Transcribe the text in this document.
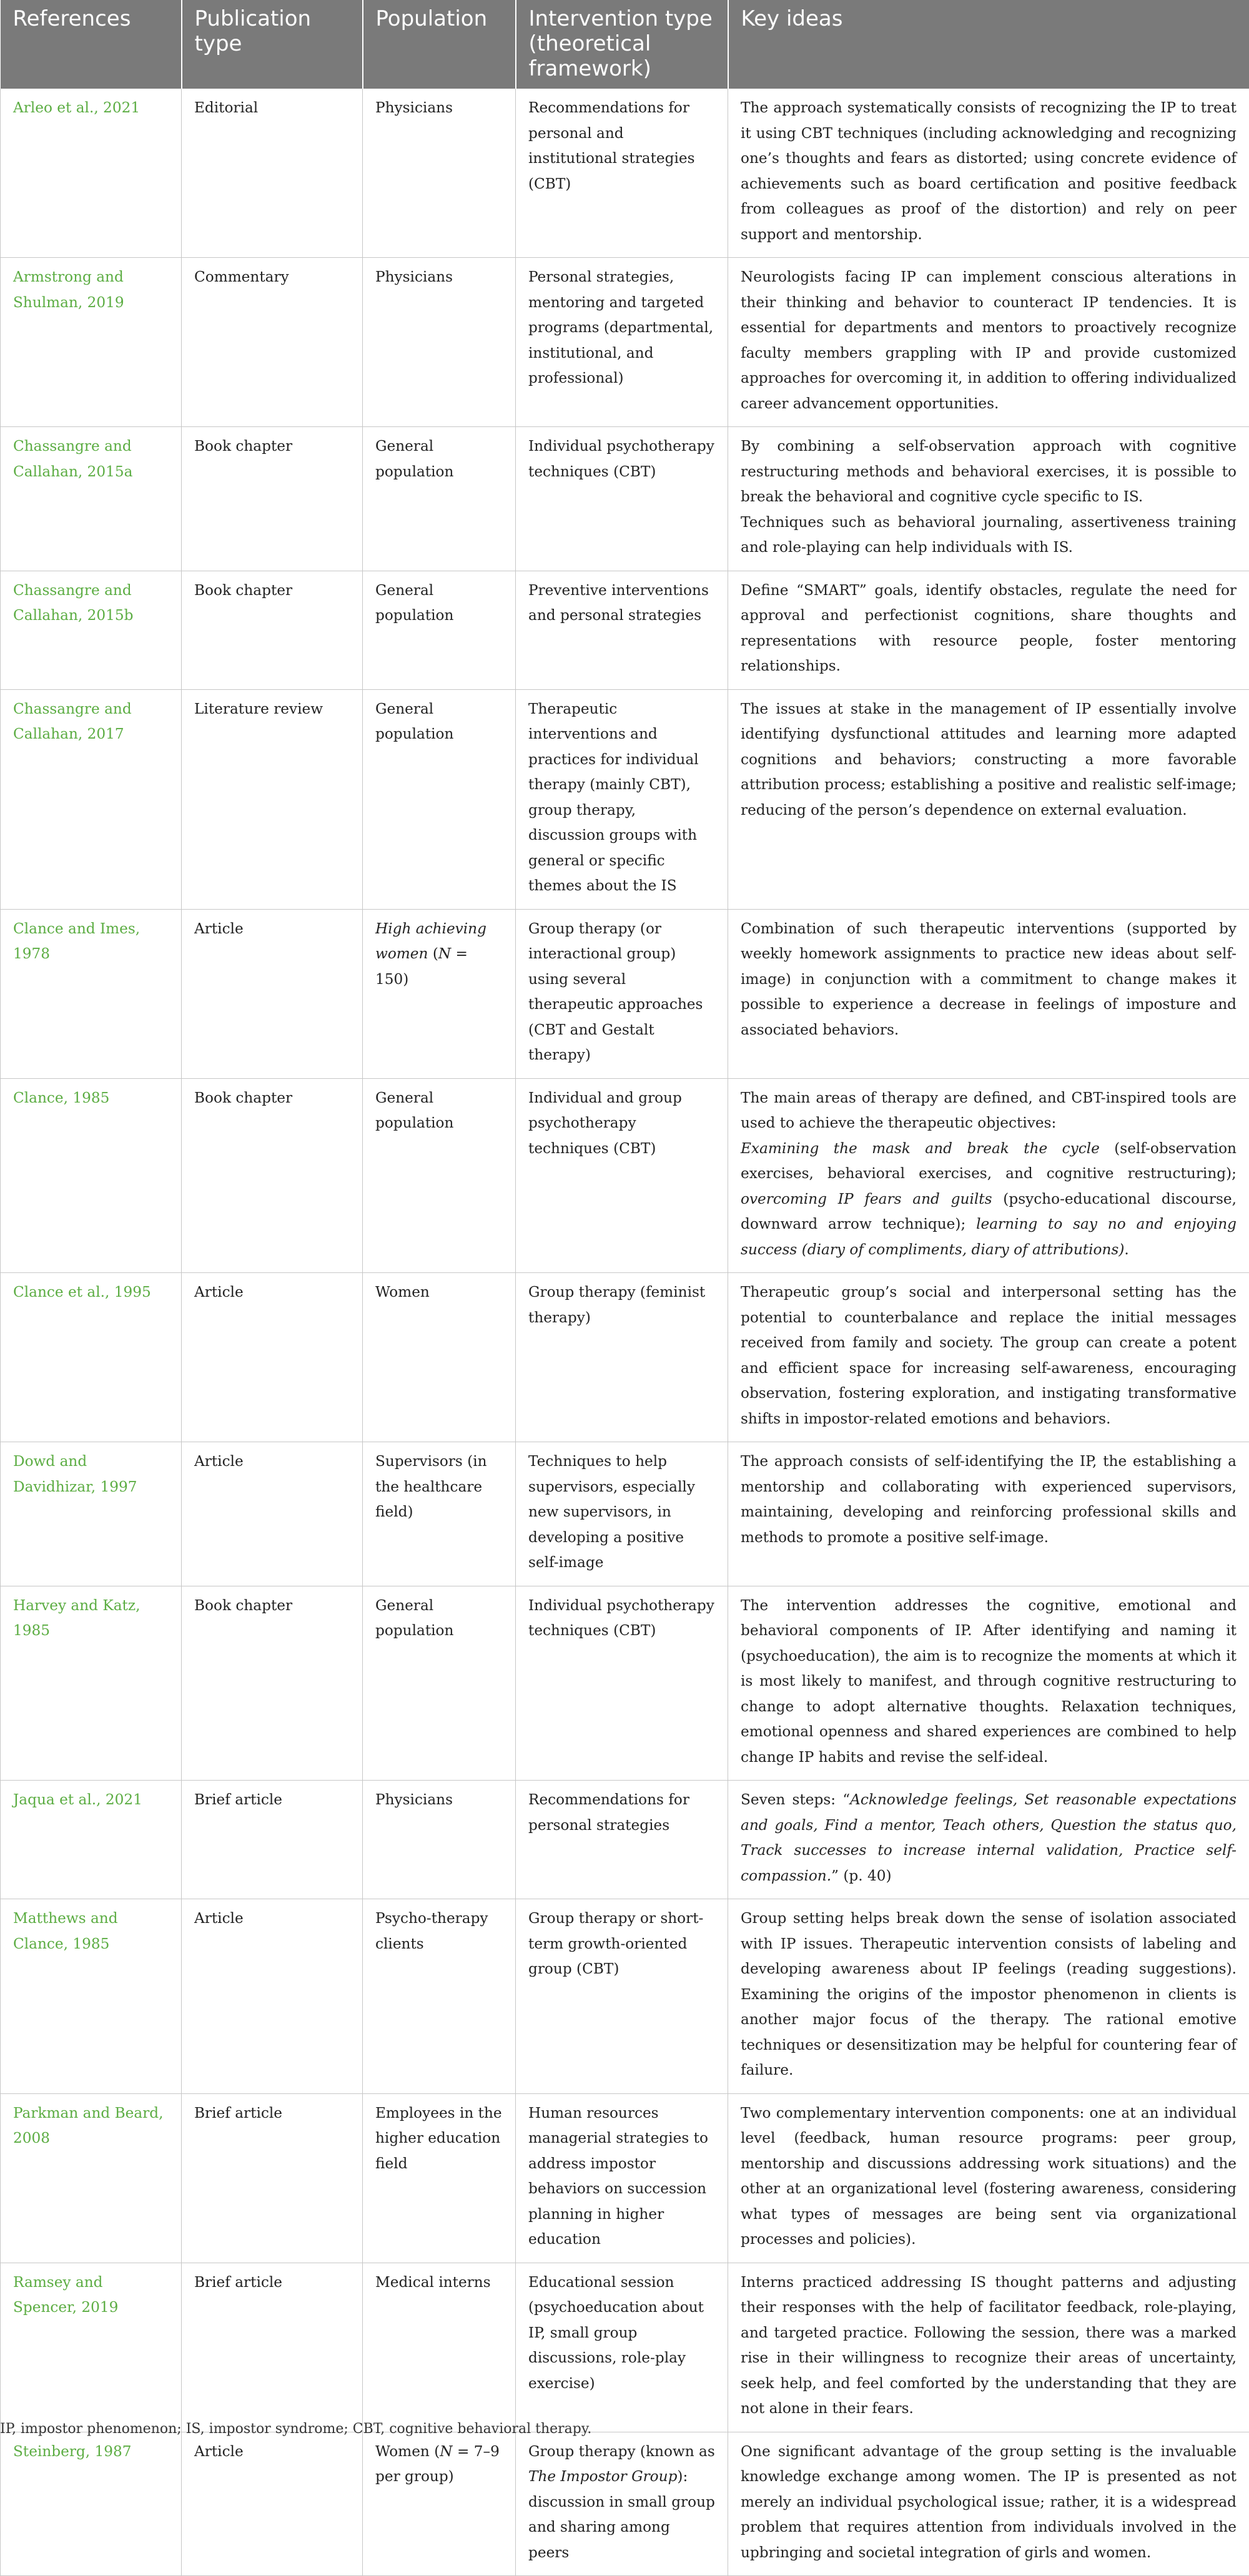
References	Publication type	Population	Intervention type (theoretical framework)	Key ideas
Arleo et al., 2021	Editorial	Physicians	Recommendations for personal and institutional strategies (CBT)	The approach systematically consists of recognizing the IP to treat it using CBT techniques (including acknowledging and recognizing one’s thoughts and fears as distorted; using concrete evidence of achievements such as board certification and positive feedback from colleagues as proof of the distortion) and rely on peer support and mentorship.
Armstrong and Shulman, 2019	Commentary	Physicians	Personal strategies, mentoring and targeted programs (departmental, institutional, and professional)	Neurologists facing IP can implement conscious alterations in their thinking and behavior to counteract IP tendencies. It is essential for departments and mentors to proactively recognize faculty members grappling with IP and provide customized approaches for overcoming it, in addition to offering individualized career advancement opportunities.
Chassangre and Callahan, 2015a	Book chapter	General population	Individual psychotherapy techniques (CBT)	By combining a self-observation approach with cognitive restructuring methods and behavioral exercises, it is possible to break the behavioral and cognitive cycle specific to IS.
Techniques such as behavioral journaling, assertiveness training and role-playing can help individuals with IS.
Chassangre and Callahan, 2015b	Book chapter	General population	Preventive interventions and personal strategies	Define “SMART” goals, identify obstacles, regulate the need for approval and perfectionist cognitions, share thoughts and representations with resource people, foster mentoring relationships.
Chassangre and Callahan, 2017	Literature review	General population	Therapeutic interventions and practices for individual therapy (mainly CBT), group therapy, discussion groups with general or specific themes about the IS	The issues at stake in the management of IP essentially involve identifying dysfunctional attitudes and learning more adapted cognitions and behaviors; constructing a more favorable attribution process; establishing a positive and realistic self-image; reducing of the person’s dependence on external evaluation.
Clance and Imes, 1978	Article	High achieving women (N = 150)	Group therapy (or interactional group) using several therapeutic approaches (CBT and Gestalt therapy)	Combination of such therapeutic interventions (supported by weekly homework assignments to practice new ideas about self-image) in conjunction with a commitment to change makes it possible to experience a decrease in feelings of imposture and associated behaviors.
Clance, 1985	Book chapter	General population	Individual and group psychotherapy techniques (CBT)	The main areas of therapy are defined, and CBT-inspired tools are used to achieve the therapeutic objectives:
Examining the mask and break the cycle (self-observation exercises, behavioral exercises, and cognitive restructuring); overcoming IP fears and guilts (psycho-educational discourse, downward arrow technique); learning to say no and enjoying success (diary of compliments, diary of attributions).
Clance et al., 1995	Article	Women	Group therapy (feminist therapy)	Therapeutic group’s social and interpersonal setting has the potential to counterbalance and replace the initial messages received from family and society. The group can create a potent and efficient space for increasing self-awareness, encouraging observation, fostering exploration, and instigating transformative shifts in impostor-related emotions and behaviors.
Dowd and Davidhizar, 1997	Article	Supervisors (in the healthcare field)	Techniques to help supervisors, especially new supervisors, in developing a positive self-image	The approach consists of self-identifying the IP, the establishing a mentorship and collaborating with experienced supervisors, maintaining, developing and reinforcing professional skills and methods to promote a positive self-image.
Harvey and Katz, 1985	Book chapter	General population	Individual psychotherapy techniques (CBT)	The intervention addresses the cognitive, emotional and behavioral components of IP. After identifying and naming it (psychoeducation), the aim is to recognize the moments at which it is most likely to manifest, and through cognitive restructuring to change to adopt alternative thoughts. Relaxation techniques, emotional openness and shared experiences are combined to help change IP habits and revise the self-ideal.
Jaqua et al., 2021	Brief article	Physicians	Recommendations for personal strategies	Seven steps: “Acknowledge feelings, Set reasonable expectations and goals, Find a mentor, Teach others, Question the status quo, Track successes to increase internal validation, Practice self-compassion.” (p. 40)
Matthews and Clance, 1985	Article	Psycho-therapy clients	Group therapy or short-term growth-oriented group (CBT)	Group setting helps break down the sense of isolation associated with IP issues. Therapeutic intervention consists of labeling and developing awareness about IP feelings (reading suggestions). Examining the origins of the impostor phenomenon in clients is another major focus of the therapy. The rational emotive techniques or desensitization may be helpful for countering fear of failure.
Parkman and Beard, 2008	Brief article	Employees in the higher education field	Human resources managerial strategies to address impostor behaviors on succession planning in higher education	Two complementary intervention components: one at an individual level (feedback, human resource programs: peer group, mentorship and discussions addressing work situations) and the other at an organizational level (fostering awareness, considering what types of messages are being sent via organizational processes and policies).
Ramsey and Spencer, 2019	Brief article	Medical interns	Educational session (psychoeducation about IP, small group discussions, role-play exercise)	Interns practiced addressing IS thought patterns and adjusting their responses with the help of facilitator feedback, role-playing, and targeted practice. Following the session, there was a marked rise in their willingness to recognize their areas of uncertainty, seek help, and feel comforted by the understanding that they are not alone in their fears.
Steinberg, 1987	Article	Women (N = 7–9 per group)	Group therapy (known as The Impostor Group): discussion in small group and sharing among peers	One significant advantage of the group setting is the invaluable knowledge exchange among women. The IP is presented as not merely an individual psychological issue; rather, it is a widespread problem that requires attention from individuals involved in the upbringing and societal integration of girls and women.
IP, impostor phenomenon; IS, impostor syndrome; CBT, cognitive behavioral therapy.
